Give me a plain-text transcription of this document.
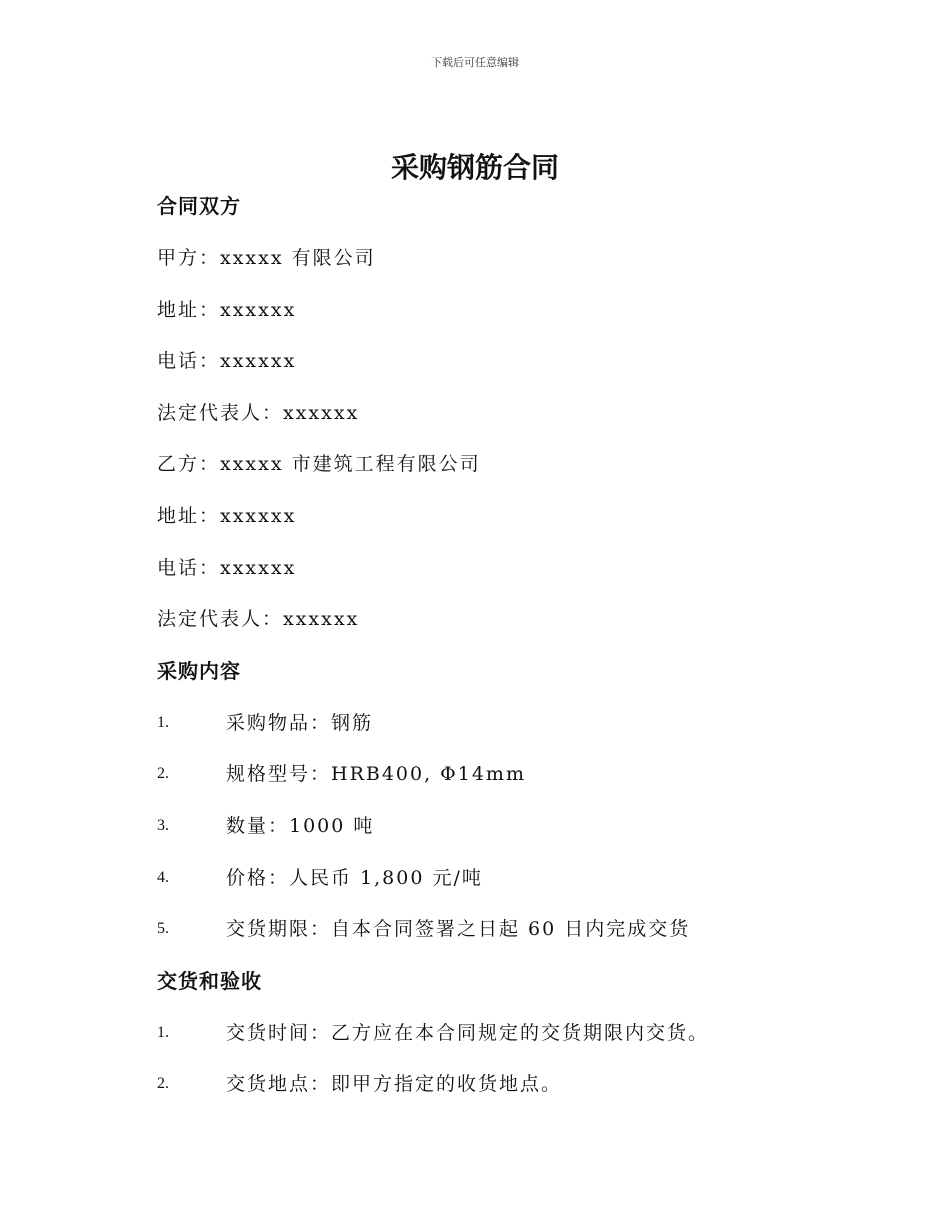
下载后可任意编辑
采购钢筋合同
合同双方
甲方：xxxxx 有限公司
地址：xxxxxx
电话：xxxxxx
法定代表人：xxxxxx
乙方：xxxxx 市建筑工程有限公司
地址：xxxxxx
电话：xxxxxx
法定代表人：xxxxxx
采购内容
1.	采购物品：钢筋
2.	规格型号：HRB400, Φ14mm
3.	数量：1000 吨
4.	价格：人民币 1,800 元/吨
5.	交货期限：自本合同签署之日起 60 日内完成交货
交货和验收
1.	交货时间：乙方应在本合同规定的交货期限内交货。
2.	交货地点：即甲方指定的收货地点。
